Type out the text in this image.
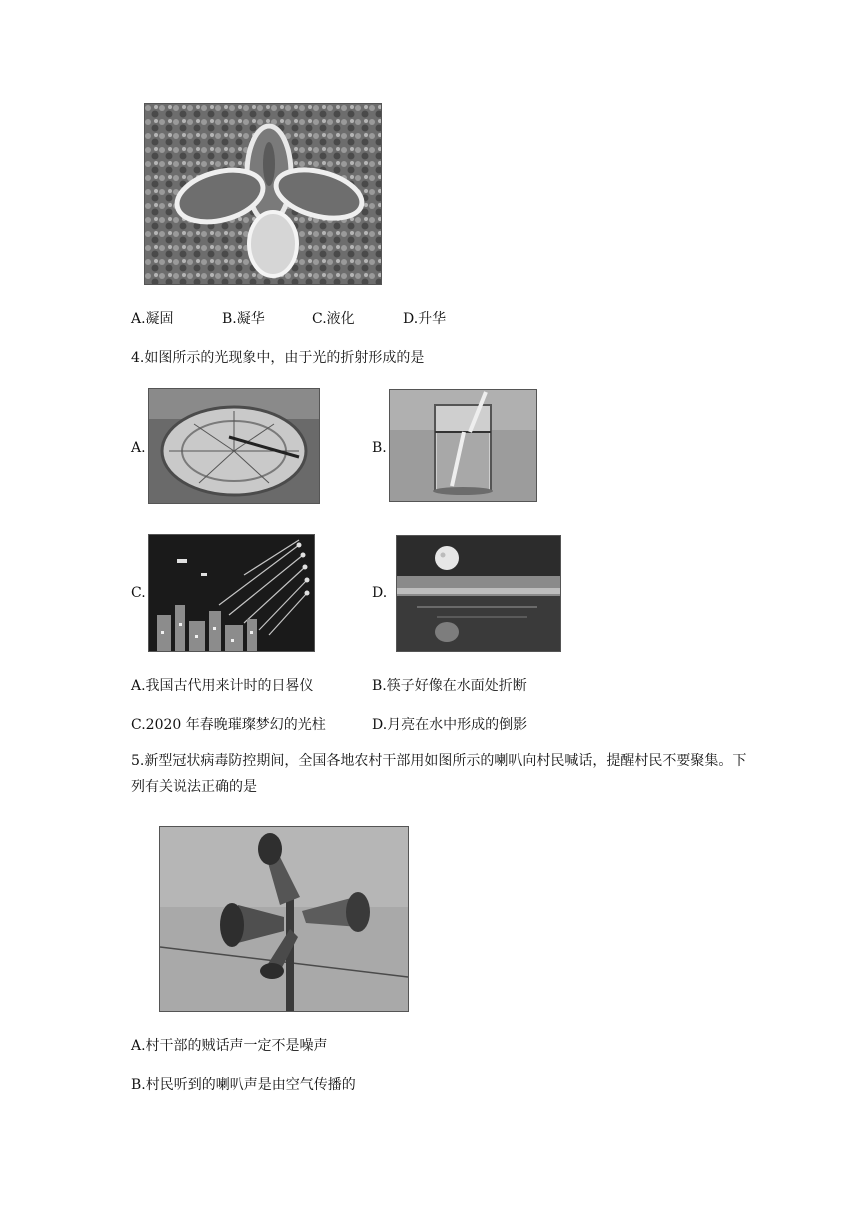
A.凝固	B.凝华	C.液化	D.升华
4.如图所示的光现象中，由于光的折射形成的是
A.	B.
C.	D.
A.我国古代用来计时的日晷仪	B.筷子好像在水面处折断
C.2020 年春晚璀璨梦幻的光柱	D.月亮在水中形成的倒影
5.新型冠状病毒防控期间，全国各地农村干部用如图所示的喇叭向村民喊话，提醒村民不要聚集。下列有关说法正确的是
A.村干部的贼话声一定不是噪声
B.村民听到的喇叭声是由空气传播的
